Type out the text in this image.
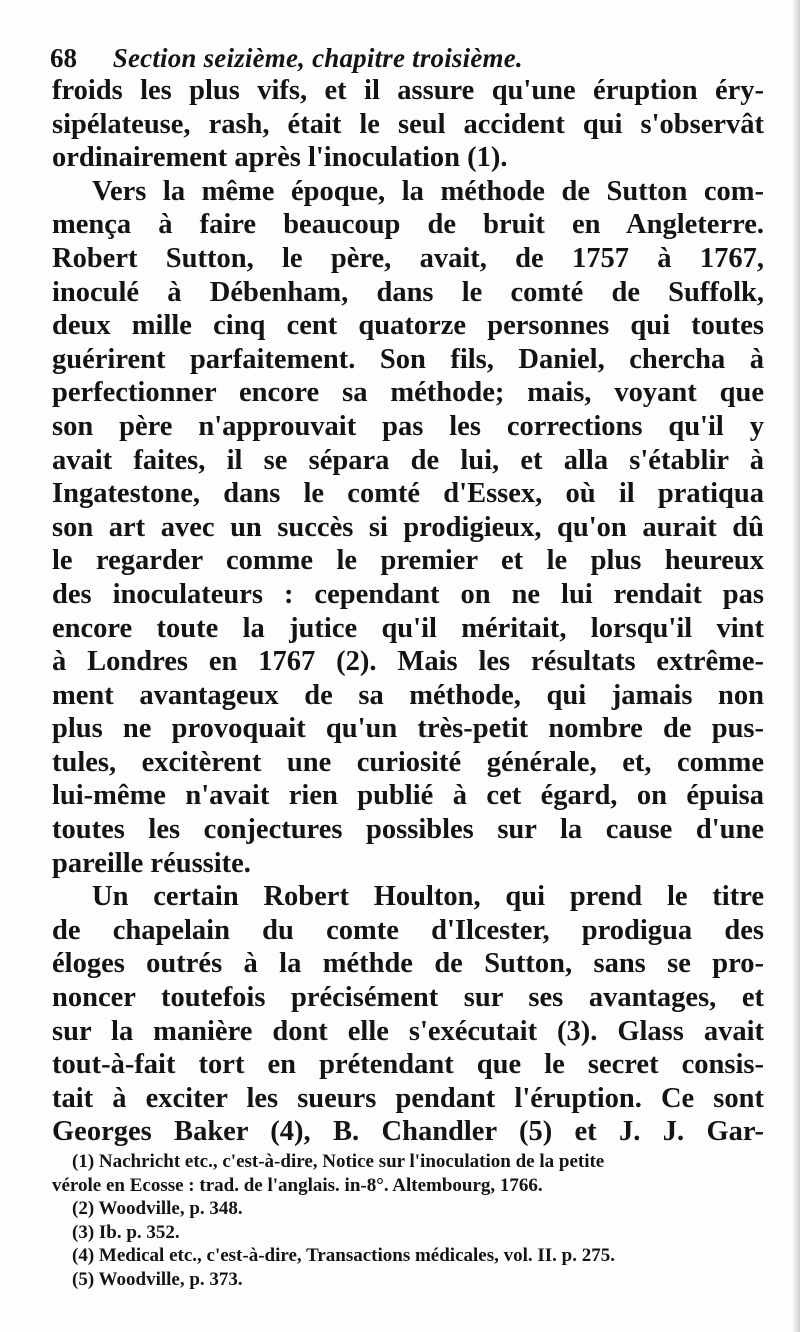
68 Section seizième, chapitre troisième.
froids les plus vifs, et il assure qu'une éruption éry-
sipélateuse, rash, était le seul accident qui s'observât
ordinairement après l'inoculation (1).
Vers la même époque, la méthode de Sutton com-
mença à faire beaucoup de bruit en Angleterre.
Robert Sutton, le père, avait, de 1757 à 1767,
inoculé à Débenham, dans le comté de Suffolk,
deux mille cinq cent quatorze personnes qui toutes
guérirent parfaitement. Son fils, Daniel, chercha à
perfectionner encore sa méthode; mais, voyant que
son père n'approuvait pas les corrections qu'il y
avait faites, il se sépara de lui, et alla s'établir à
Ingatestone, dans le comté d'Essex, où il pratiqua
son art avec un succès si prodigieux, qu'on aurait dû
le regarder comme le premier et le plus heureux
des inoculateurs : cependant on ne lui rendait pas
encore toute la jutice qu'il méritait, lorsqu'il vint
à Londres en 1767 (2). Mais les résultats extrême-
ment avantageux de sa méthode, qui jamais non
plus ne provoquait qu'un très-petit nombre de pus-
tules, excitèrent une curiosité générale, et, comme
lui-même n'avait rien publié à cet égard, on épuisa
toutes les conjectures possibles sur la cause d'une
pareille réussite.
Un certain Robert Houlton, qui prend le titre
de chapelain du comte d'Ilcester, prodigua des
éloges outrés à la méthde de Sutton, sans se pro-
noncer toutefois précisément sur ses avantages, et
sur la manière dont elle s'exécutait (3). Glass avait
tout-à-fait tort en prétendant que le secret consis-
tait à exciter les sueurs pendant l'éruption. Ce sont
Georges Baker (4), B. Chandler (5) et J. J. Gar-
(1) Nachricht etc., c'est-à-dire, Notice sur l'inoculation de la petite
vérole en Ecosse : trad. de l'anglais. in-8°. Altembourg, 1766.
(2) Woodville, p. 348.
(3) Ib. p. 352.
(4) Medical etc., c'est-à-dire, Transactions médicales, vol. II. p. 275.
(5) Woodville, p. 373.
